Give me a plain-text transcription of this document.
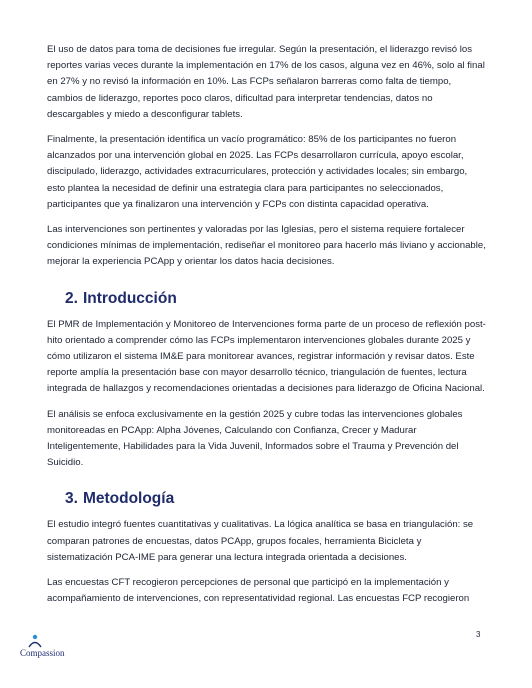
El uso de datos para toma de decisiones fue irregular. Según la presentación, el liderazgo revisó los reportes varias veces durante la implementación en 17% de los casos, alguna vez en 46%, solo al final en 27% y no revisó la información en 10%. Las FCPs señalaron barreras como falta de tiempo, cambios de liderazgo, reportes poco claros, dificultad para interpretar tendencias, datos no descargables y miedo a desconfigurar tablets.

Finalmente, la presentación identifica un vacío programático: 85% de los participantes no fueron alcanzados por una intervención global en 2025. Las FCPs desarrollaron currícula, apoyo escolar, discipulado, liderazgo, actividades extracurriculares, protección y actividades locales; sin embargo, esto plantea la necesidad de definir una estrategia clara para participantes no seleccionados, participantes que ya finalizaron una intervención y FCPs con distinta capacidad operativa.

Las intervenciones son pertinentes y valoradas por las Iglesias, pero el sistema requiere fortalecer condiciones mínimas de implementación, rediseñar el monitoreo para hacerlo más liviano y accionable, mejorar la experiencia PCApp y orientar los datos hacia decisiones.

2. Introducción

El PMR de Implementación y Monitoreo de Intervenciones forma parte de un proceso de reflexión post-hito orientado a comprender cómo las FCPs implementaron intervenciones globales durante 2025 y cómo utilizaron el sistema IM&E para monitorear avances, registrar información y revisar datos. Este reporte amplía la presentación base con mayor desarrollo técnico, triangulación de fuentes, lectura integrada de hallazgos y recomendaciones orientadas a decisiones para liderazgo de Oficina Nacional.

El análisis se enfoca exclusivamente en la gestión 2025 y cubre todas las intervenciones globales monitoreadas en PCApp: Alpha Jóvenes, Calculando con Confianza, Crecer y Madurar Inteligentemente, Habilidades para la Vida Juvenil, Informados sobre el Trauma y Prevención del Suicidio.

3. Metodología

El estudio integró fuentes cuantitativas y cualitativas. La lógica analítica se basa en triangulación: se comparan patrones de encuestas, datos PCApp, grupos focales, herramienta Bicicleta y sistematización PCA-IME para generar una lectura integrada orientada a decisiones.

Las encuestas CFT recogieron percepciones de personal que participó en la implementación y acompañamiento de intervenciones, con representatividad regional. Las encuestas FCP recogieron

3
Compassion
